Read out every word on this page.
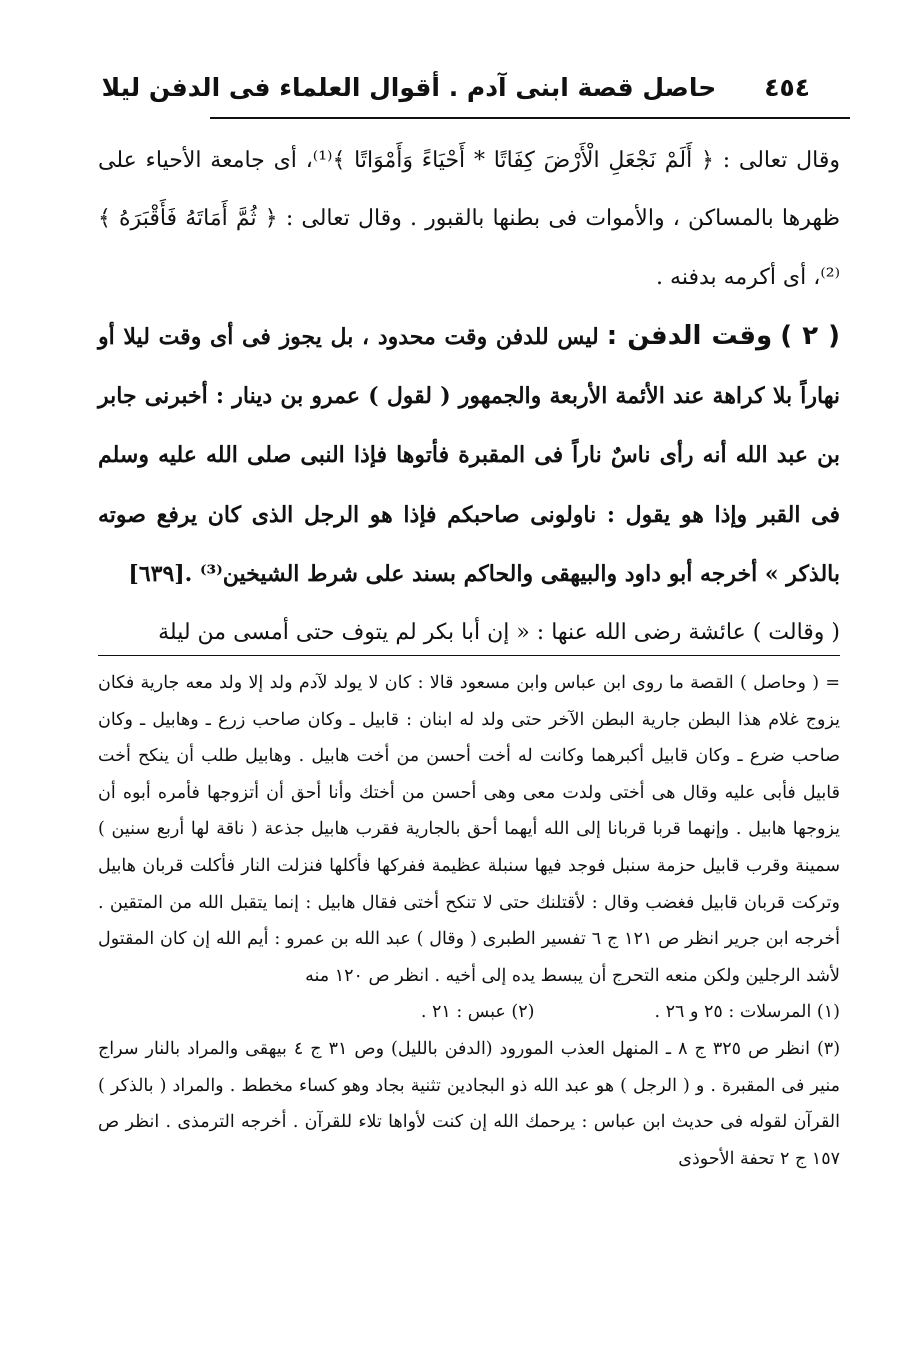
٤٥٤
حاصل قصة ابنى آدم . أقوال العلماء فى الدفن ليلا

وقال تعالى : ﴿ أَلَمْ نَجْعَلِ الْأَرْضَ كِفَاتًا * أَحْيَاءً وَأَمْوَاتًا ﴾⁽¹⁾، أى جامعة الأحياء على ظهرها بالمساكن ، والأموات فى بطنها بالقبور . وقال تعالى : ﴿ ثُمَّ أَمَاتَهُ فَأَقْبَرَهُ ﴾⁽²⁾، أى أكرمه بدفنه .

( ٢ ) وقت الدفن : ليس للدفن وقت محدود ، بل يجوز فى أى وقت ليلا أو نهاراً بلا كراهة عند الأئمة الأربعة والجمهور ( لقول ) عمرو بن دينار : أخبرنى جابر بن عبد الله أنه رأى ناسٌ ناراً فى المقبرة فأتوها فإذا النبى صلى الله عليه وسلم فى القبر وإذا هو يقول : ناولونى صاحبكم فإذا هو الرجل الذى كان يرفع صوته بالذكر » أخرجه أبو داود والبيهقى والحاكم بسند على شرط الشيخين⁽³⁾ .[٦٣٩]

( وقالت ) عائشة رضى الله عنها : « إن أبا بكر لم يتوف حتى أمسى من ليلة

= ( وحاصل ) القصة ما روى ابن عباس وابن مسعود قالا : كان لا يولد لآدم ولد إلا ولد معه جارية فكان يزوج غلام هذا البطن جارية البطن الآخر حتى ولد له ابنان : قابيل ـ وكان صاحب زرع ـ وهابيل ـ وكان صاحب ضرع ـ وكان قابيل أكبرهما وكانت له أخت أحسن من أخت هابيل . وهابيل طلب أن ينكح أخت قابيل فأبى عليه وقال هى أختى ولدت معى وهى أحسن من أختك وأنا أحق أن أتزوجها فأمره أبوه أن يزوجها هابيل . وإنهما قربا قربانا إلى الله أيهما أحق بالجارية فقرب هابيل جذعة ( ناقة لها أربع سنين ) سمينة وقرب قابيل حزمة سنبل فوجد فيها سنبلة عظيمة ففركها فأكلها فنزلت النار فأكلت قربان هابيل وتركت قربان قابيل فغضب وقال : لأقتلنك حتى لا تنكح أختى فقال هابيل : إنما يتقبل الله من المتقين . أخرجه ابن جرير انظر ص ١٢١ ج ٦ تفسير الطبرى ( وقال ) عبد الله بن عمرو : أيم الله إن كان المقتول لأشد الرجلين ولكن منعه التحرج أن يبسط يده إلى أخيه . انظر ص ١٢٠ منه

(١) المرسلات : ٢٥ و ٢٦ .
(٢) عبس : ٢١ .

(٣) انظر ص ٣٢٥ ج ٨ ـ المنهل العذب المورود (الدفن بالليل) وص ٣١ ج ٤ بيهقى والمراد بالنار سراج منير فى المقبرة . و ( الرجل ) هو عبد الله ذو البجادين تثنية بجاد وهو كساء مخطط . والمراد ( بالذكر ) القرآن لقوله فى حديث ابن عباس : يرحمك الله إن كنت لأواها تلاء للقرآن . أخرجه الترمذى . انظر ص ١٥٧ ج ٢ تحفة الأحوذى
